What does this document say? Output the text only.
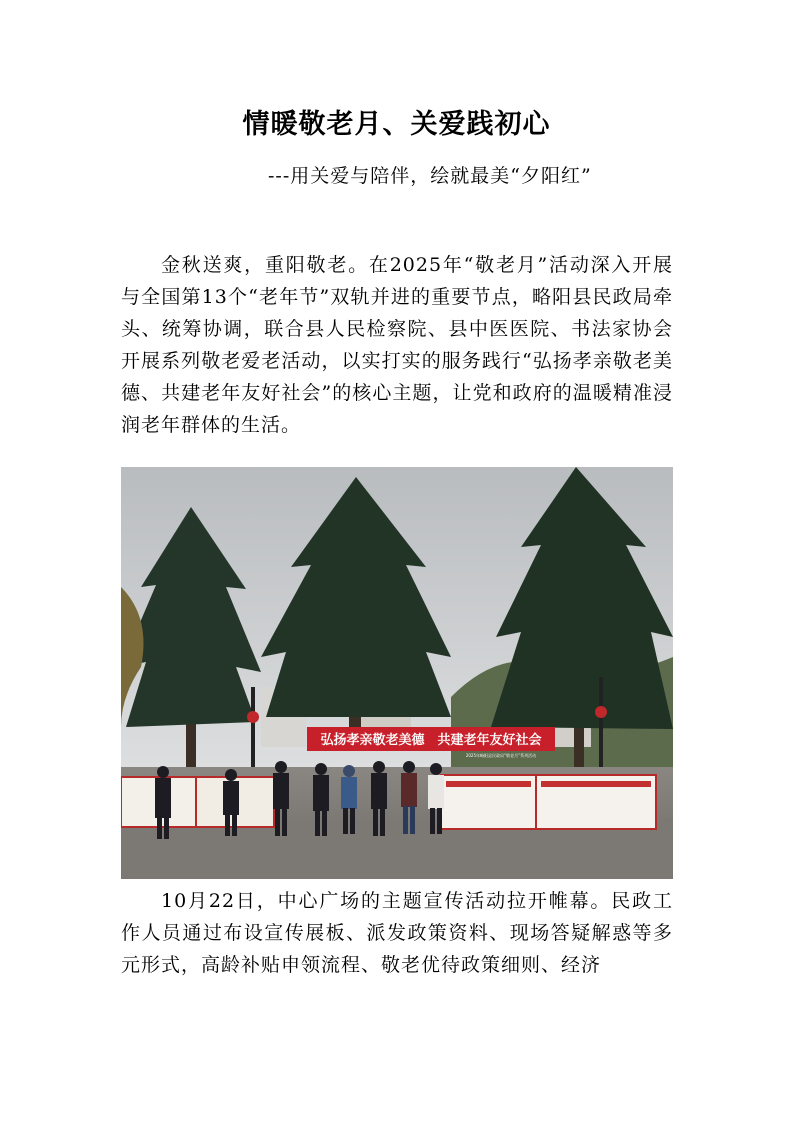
情暖敬老月、关爱践初心
---用关爱与陪伴，绘就最美“夕阳红”

金秋送爽，重阳敬老。在2025年“敬老月”活动深入开展与全国第13个“老年节”双轨并进的重要节点，略阳县民政局牵头、统筹协调，联合县人民检察院、县中医医院、书法家协会开展系列敬老爱老活动，以实打实的服务践行“弘扬孝亲敬老美德、共建老年友好社会”的核心主题，让党和政府的温暖精准浸润老年群体的生活。

弘扬孝亲敬老美德　共建老年友好社会
2025年略阳县民政局“敬老月”系列活动

10月22日，中心广场的主题宣传活动拉开帷幕。民政工作人员通过布设宣传展板、派发政策资料、现场答疑解惑等多元形式，高龄补贴申领流程、敬老优待政策细则、经济
